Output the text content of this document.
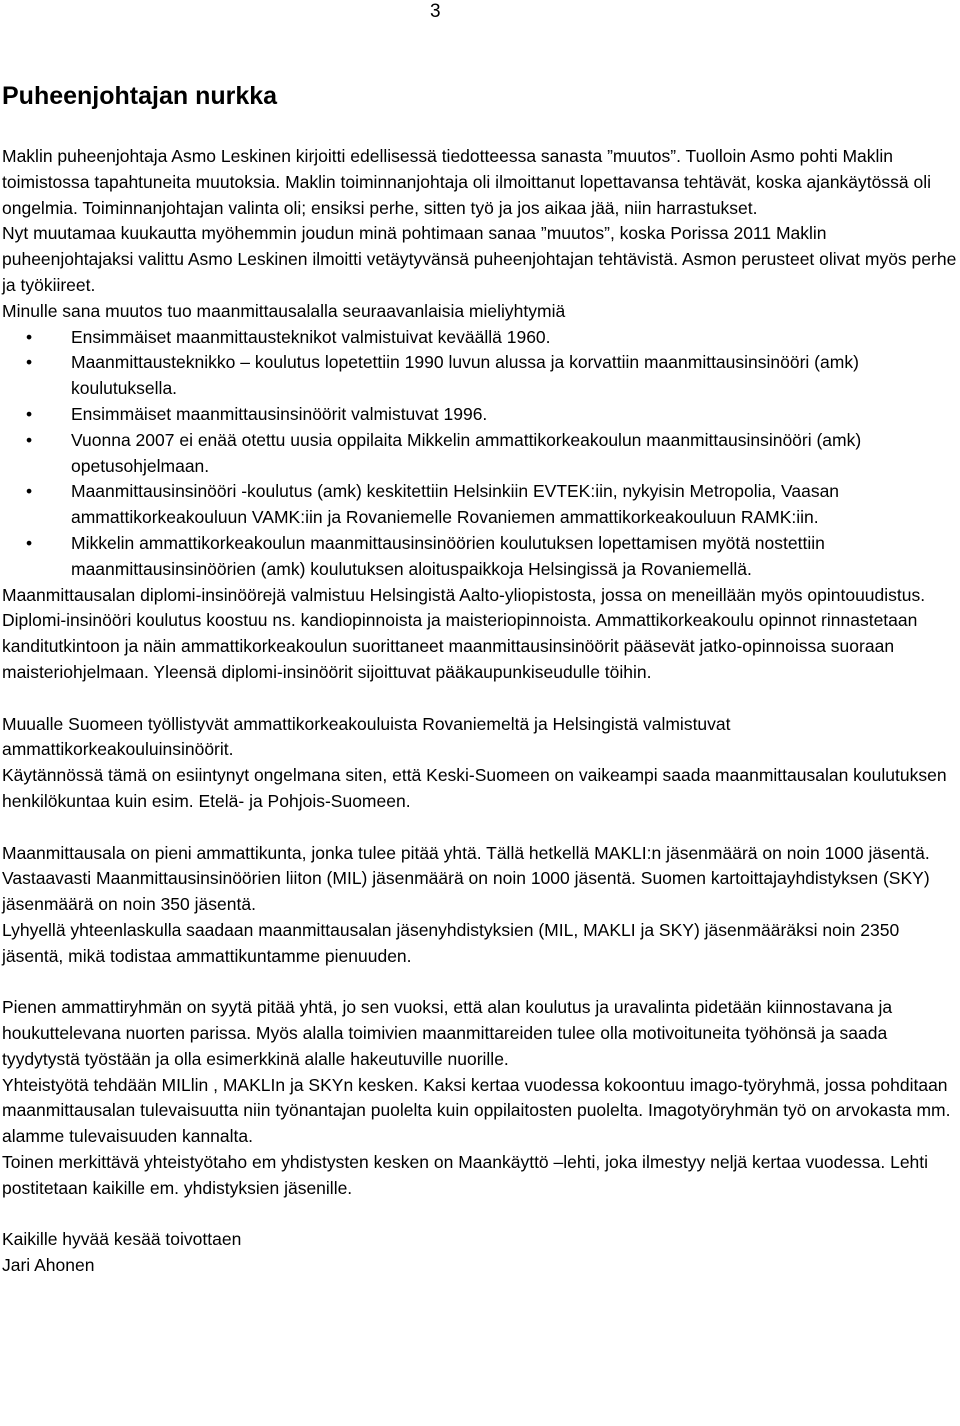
3
Puheenjohtajan nurkka

Maklin puheenjohtaja Asmo Leskinen kirjoitti edellisessä tiedotteessa sanasta ”muutos”. Tuolloin Asmo pohti Maklin toimistossa tapahtuneita muutoksia. Maklin toiminnanjohtaja oli ilmoittanut lopettavansa tehtävät, koska ajankäytössä oli ongelmia. Toiminnanjohtajan valinta oli; ensiksi perhe, sitten työ ja jos aikaa jää, niin harrastukset.

Nyt muutamaa kuukautta myöhemmin joudun minä pohtimaan sanaa ”muutos”, koska Porissa 2011 Maklin puheenjohtajaksi valittu Asmo Leskinen ilmoitti vetäytyvänsä puheenjohtajan tehtävistä. Asmon perusteet olivat myös perhe ja työkiireet.

Minulle sana muutos tuo maanmittausalalla seuraavanlaisia mieliyhtymiä

• Ensimmäiset maanmittausteknikot valmistuivat keväällä 1960.
• Maanmittausteknikko – koulutus lopetettiin 1990 luvun alussa ja korvattiin maanmittausinsinööri (amk) koulutuksella.
• Ensimmäiset maanmittausinsinöörit valmistuvat 1996.
• Vuonna 2007 ei enää otettu uusia oppilaita Mikkelin ammattikorkeakoulun maanmittausinsinööri (amk) opetusohjelmaan.
• Maanmittausinsinööri -koulutus (amk) keskitettiin Helsinkiin EVTEK:iin, nykyisin Metropolia, Vaasan ammattikorkeakouluun VAMK:iin ja Rovaniemelle Rovaniemen ammattikorkeakouluun RAMK:iin.
• Mikkelin ammattikorkeakoulun maanmittausinsinöörien koulutuksen lopettamisen myötä nostettiin maanmittausinsinöörien (amk) koulutuksen aloituspaikkoja Helsingissä ja Rovaniemellä.

Maanmittausalan diplomi-insinöörejä valmistuu Helsingistä Aalto-yliopistosta, jossa on meneillään myös opintouudistus. Diplomi-insinööri koulutus koostuu ns. kandiopinnoista ja maisteriopinnoista. Ammattikorkeakoulu opinnot rinnastetaan kanditutkintoon ja näin ammattikorkeakoulun suorittaneet maanmittausinsinöörit pääsevät jatko-opinnoissa suoraan maisteriohjelmaan. Yleensä diplomi-insinöörit sijoittuvat pääkaupunkiseudulle töihin.

Muualle Suomeen työllistyvät ammattikorkeakouluista Rovaniemeltä ja Helsingistä valmistuvat ammattikorkeakouluinsinöörit.

Käytännössä tämä on esiintynyt ongelmana siten, että Keski-Suomeen on vaikeampi saada maanmittausalan koulutuksen henkilökuntaa kuin esim. Etelä- ja Pohjois-Suomeen.

Maanmittausala on pieni ammattikunta, jonka tulee pitää yhtä. Tällä hetkellä MAKLI:n jäsenmäärä on noin 1000 jäsentä. Vastaavasti Maanmittausinsinöörien liiton (MIL) jäsenmäärä on noin 1000 jäsentä. Suomen kartoittajayhdistyksen (SKY) jäsenmäärä on noin 350 jäsentä.

Lyhyellä yhteenlaskulla saadaan maanmittausalan jäsenyhdistyksien (MIL, MAKLI ja SKY) jäsenmääräksi noin 2350 jäsentä, mikä todistaa ammattikuntamme pienuuden.

Pienen ammattiryhmän on syytä pitää yhtä, jo sen vuoksi, että alan koulutus ja uravalinta pidetään kiinnostavana ja houkuttelevana nuorten parissa. Myös alalla toimivien maanmittareiden tulee olla motivoituneita työhönsä ja saada tyydytystä työstään ja olla esimerkkinä alalle hakeutuville nuorille.

Yhteistyötä tehdään MILlin , MAKLIn ja SKYn kesken. Kaksi kertaa vuodessa kokoontuu imago-työryhmä, jossa pohditaan maanmittausalan tulevaisuutta niin työnantajan puolelta kuin oppilaitosten puolelta. Imagotyöryhmän työ on arvokasta mm. alamme tulevaisuuden kannalta.

Toinen merkittävä yhteistyötaho em yhdistysten kesken on Maankäyttö –lehti, joka ilmestyy neljä kertaa vuodessa. Lehti postitetaan kaikille em. yhdistyksien jäsenille.

Kaikille hyvää kesää toivottaen

Jari Ahonen
